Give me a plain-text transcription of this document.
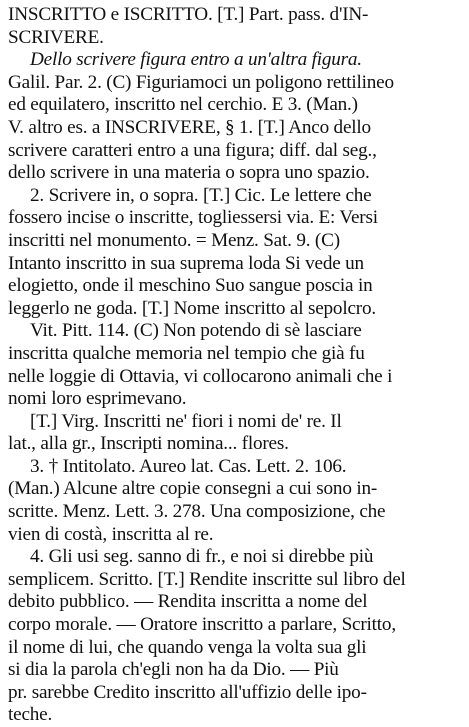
INSCRITTO e ISCRITTO. [T.] Part. pass. d'IN-
SCRIVERE.
Dello scrivere figura entro a un'altra figura.
Galil. Par. 2. (C) Figuriamoci un poligono rettilineo
ed equilatero, inscritto nel cerchio. E 3. (Man.)
V. altro es. a INSCRIVERE, § 1. [T.] Anco dello
scrivere caratteri entro a una figura; diff. dal seg.,
dello scrivere in una materia o sopra uno spazio.
2. Scrivere in, o sopra. [T.] Cic. Le lettere che
fossero incise o inscritte, togliessersi via. E: Versi
inscritti nel monumento. = Menz. Sat. 9. (C)
Intanto inscritto in sua suprema loda Si vede un
elogietto, onde il meschino Suo sangue poscia in
leggerlo ne goda. [T.] Nome inscritto al sepolcro.
Vit. Pitt. 114. (C) Non potendo di sè lasciare
inscritta qualche memoria nel tempio che già fu
nelle loggie di Ottavia, vi collocarono animali che i
nomi loro esprimevano.
[T.] Virg. Inscritti ne' fiori i nomi de' re. Il
lat., alla gr., Inscripti nomina... flores.
3. † Intitolato. Aureo lat. Cas. Lett. 2. 106.
(Man.) Alcune altre copie consegni a cui sono in-
scritte. Menz. Lett. 3. 278. Una composizione, che
vien di costà, inscritta al re.
4. Gli usi seg. sanno di fr., e noi si direbbe più
semplicem. Scritto. [T.] Rendite inscritte sul libro del
debito pubblico. — Rendita inscritta a nome del
corpo morale. — Oratore inscritto a parlare, Scritto,
il nome di lui, che quando venga la volta sua gli
si dia la parola ch'egli non ha da Dio. — Più
pr. sarebbe Credito inscritto all'uffizio delle ipo-
teche.
